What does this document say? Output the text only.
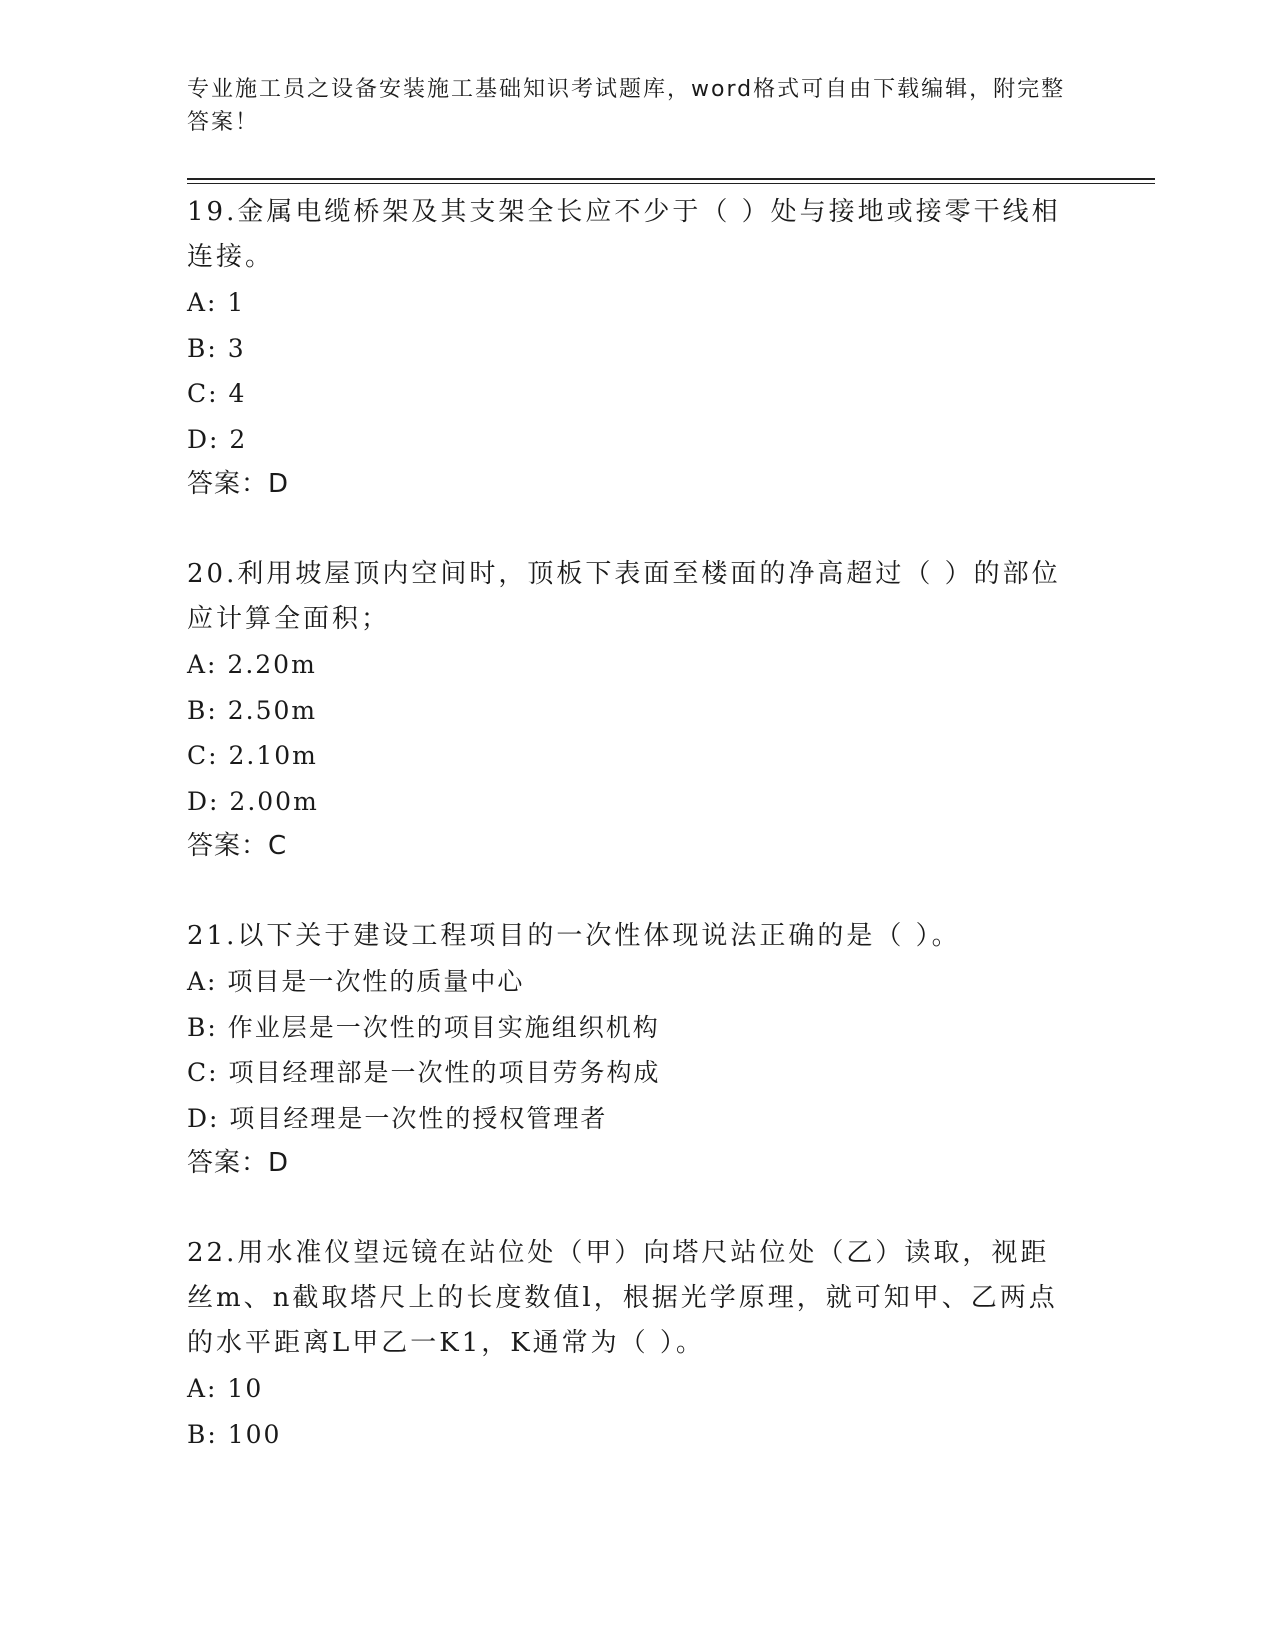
专业施工员之设备安装施工基础知识考试题库，word格式可自由下载编辑，附完整答案！
19.金属电缆桥架及其支架全长应不少于（ ）处与接地或接零干线相连接。
A: 1
B: 3
C: 4
D: 2
答案：D
20.利用坡屋顶内空间时，顶板下表面至楼面的净高超过（ ）的部位应计算全面积；
A: 2.20m
B: 2.50m
C: 2.10m
D: 2.00m
答案：C
21.以下关于建设工程项目的一次性体现说法正确的是（ ）。
A: 项目是一次性的质量中心
B: 作业层是一次性的项目实施组织机构
C: 项目经理部是一次性的项目劳务构成
D: 项目经理是一次性的授权管理者
答案：D
22.用水准仪望远镜在站位处（甲）向塔尺站位处（乙）读取，视距丝m、n截取塔尺上的长度数值l，根据光学原理，就可知甲、乙两点的水平距离L甲乙一K1，K通常为（ ）。
A: 10
B: 100
